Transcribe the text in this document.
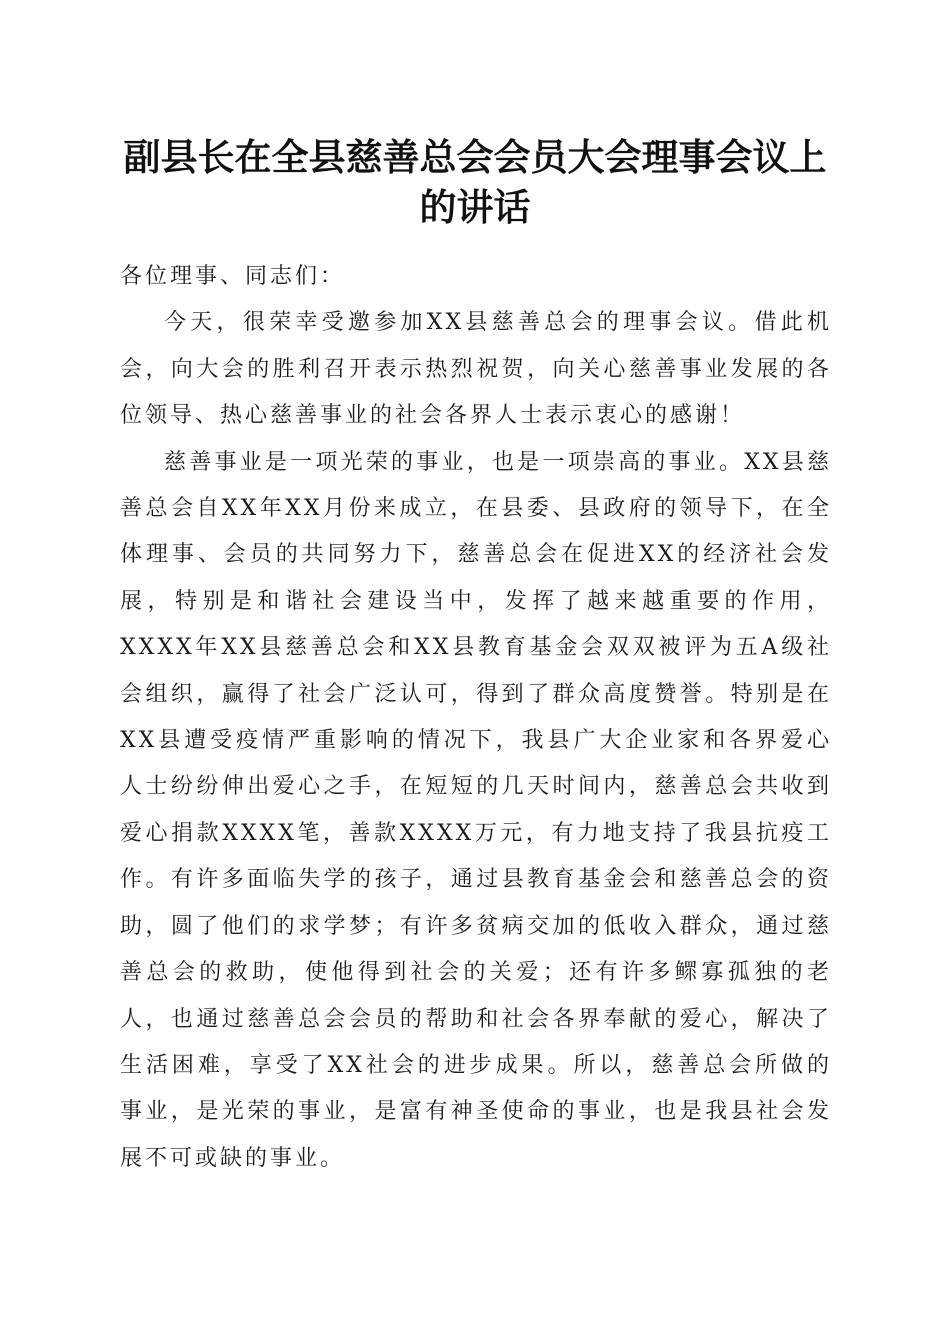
副县长在全县慈善总会会员大会理事会议上的讲话

各位理事、同志们：

今天，很荣幸受邀参加XX县慈善总会的理事会议。借此机会，向大会的胜利召开表示热烈祝贺，向关心慈善事业发展的各位领导、热心慈善事业的社会各界人士表示衷心的感谢！

慈善事业是一项光荣的事业，也是一项崇高的事业。XX县慈善总会自XX年XX月份来成立，在县委、县政府的领导下，在全体理事、会员的共同努力下，慈善总会在促进XX的经济社会发展，特别是和谐社会建设当中，发挥了越来越重要的作用，XXXX年XX县慈善总会和XX县教育基金会双双被评为五A级社会组织，赢得了社会广泛认可，得到了群众高度赞誉。特别是在XX县遭受疫情严重影响的情况下，我县广大企业家和各界爱心人士纷纷伸出爱心之手，在短短的几天时间内，慈善总会共收到爱心捐款XXXX笔，善款XXXX万元，有力地支持了我县抗疫工作。有许多面临失学的孩子，通过县教育基金会和慈善总会的资助，圆了他们的求学梦；有许多贫病交加的低收入群众，通过慈善总会的救助，使他得到社会的关爱；还有许多鳏寡孤独的老人，也通过慈善总会会员的帮助和社会各界奉献的爱心，解决了生活困难，享受了XX社会的进步成果。所以，慈善总会所做的事业，是光荣的事业，是富有神圣使命的事业，也是我县社会发展不可或缺的事业。
